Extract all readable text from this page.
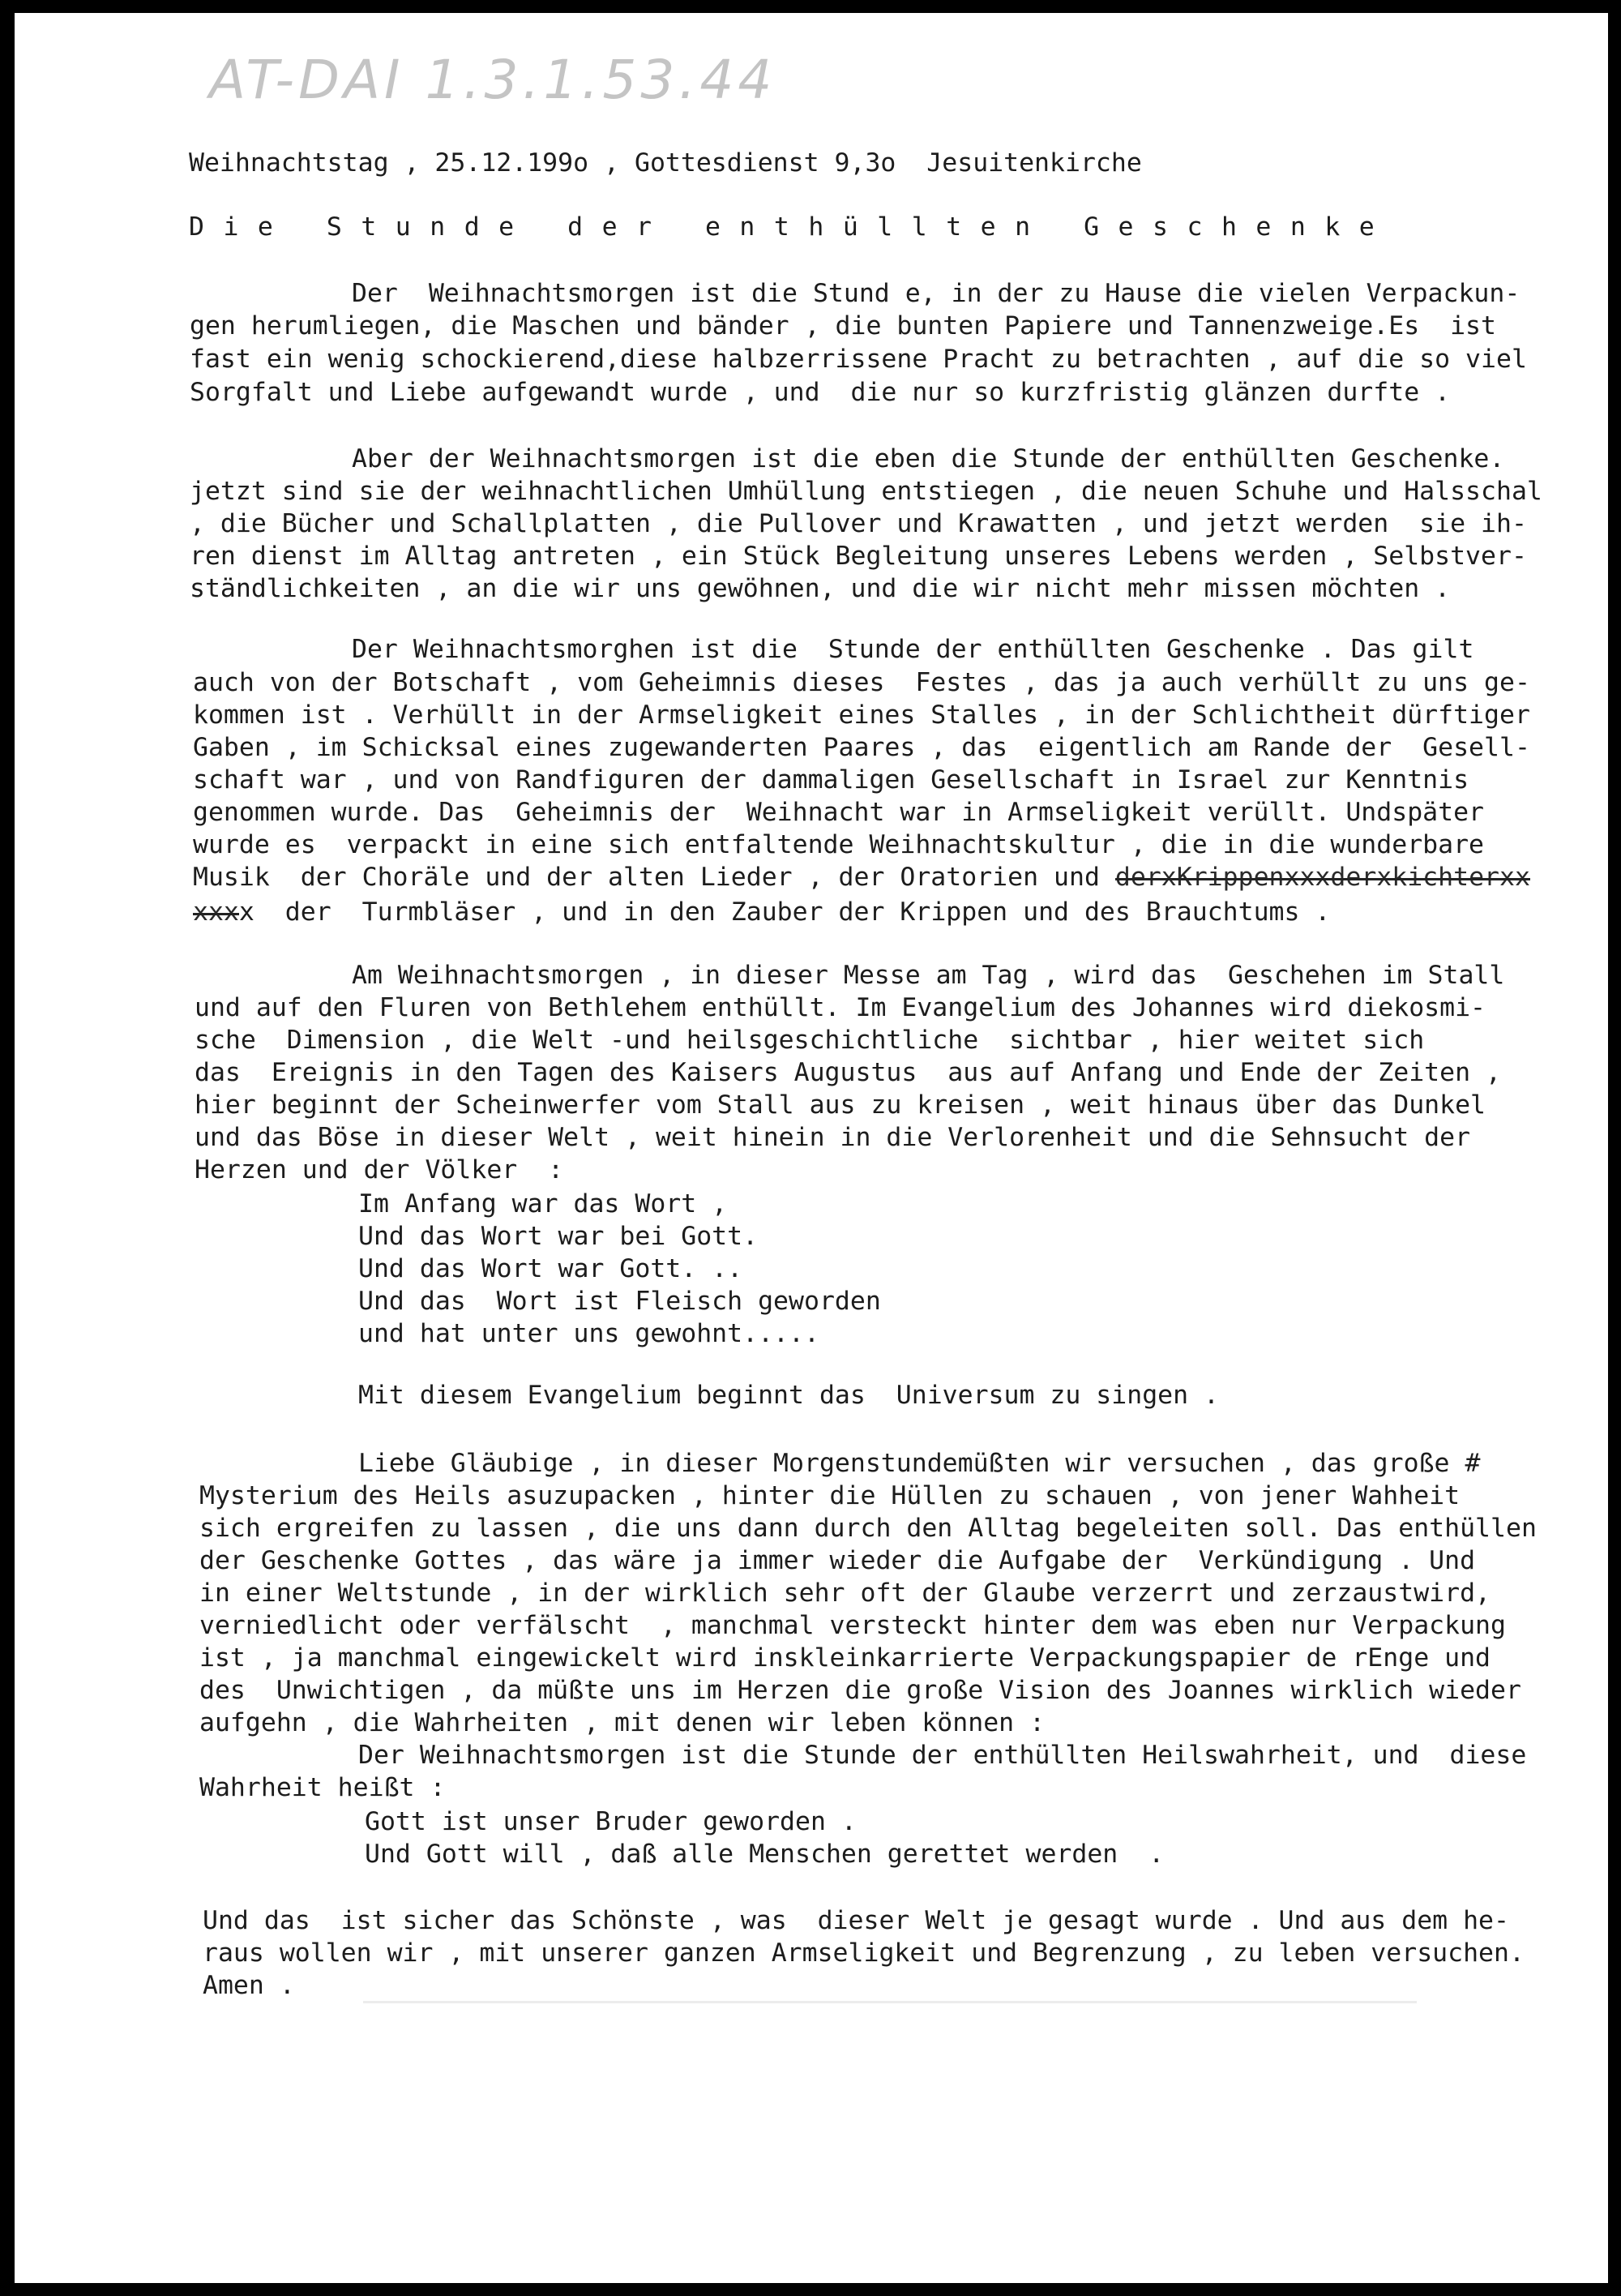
AT-DAI 1.3.1.53.44
Weihnachtstag , 25.12.199o , Gottesdienst 9,3o  Jesuitenkirche
Die Stunde der enthüllten Geschenke
Der  Weihnachtsmorgen ist die Stund e, in der zu Hause die vielen Verpackun-
gen herumliegen, die Maschen und bänder , die bunten Papiere und Tannenzweige.Es  ist
fast ein wenig schockierend,diese halbzerrissene Pracht zu betrachten , auf die so viel
Sorgfalt und Liebe aufgewandt wurde , und  die nur so kurzfristig glänzen durfte .
Aber der Weihnachtsmorgen ist die eben die Stunde der enthüllten Geschenke.
jetzt sind sie der weihnachtlichen Umhüllung entstiegen , die neuen Schuhe und Halsschal
, die Bücher und Schallplatten , die Pullover und Krawatten , und jetzt werden  sie ih-
ren dienst im Alltag antreten , ein Stück Begleitung unseres Lebens werden , Selbstver-
ständlichkeiten , an die wir uns gewöhnen, und die wir nicht mehr missen möchten .
Der Weihnachtsmorghen ist die  Stunde der enthüllten Geschenke . Das gilt
auch von der Botschaft , vom Geheimnis dieses  Festes , das ja auch verhüllt zu uns ge-
kommen ist . Verhüllt in der Armseligkeit eines Stalles , in der Schlichtheit dürftiger
Gaben , im Schicksal eines zugewanderten Paares , das  eigentlich am Rande der  Gesell-
schaft war , und von Randfiguren der dammaligen Gesellschaft in Israel zur Kenntnis
genommen wurde. Das  Geheimnis der  Weihnacht war in Armseligkeit verüllt. Undspäter
wurde es  verpackt in eine sich entfaltende Weihnachtskultur , die in die wunderbare
Musik  der Choräle und der alten Lieder , der Oratorien und derxKrippenxxxderxkichterxx
xxxx  der  Turmbläser , und in den Zauber der Krippen und des Brauchtums .
Am Weihnachtsmorgen , in dieser Messe am Tag , wird das  Geschehen im Stall
und auf den Fluren von Bethlehem enthüllt. Im Evangelium des Johannes wird diekosmi-
sche  Dimension , die Welt -und heilsgeschichtliche  sichtbar , hier weitet sich
das  Ereignis in den Tagen des Kaisers Augustus  aus auf Anfang und Ende der Zeiten ,
hier beginnt der Scheinwerfer vom Stall aus zu kreisen , weit hinaus über das Dunkel
und das Böse in dieser Welt , weit hinein in die Verlorenheit und die Sehnsucht der
Herzen und der Völker  :
Im Anfang war das Wort ,
Und das Wort war bei Gott.
Und das Wort war Gott. ..
Und das  Wort ist Fleisch geworden
und hat unter uns gewohnt.....
Mit diesem Evangelium beginnt das  Universum zu singen .
Liebe Gläubige , in dieser Morgenstundemüßten wir versuchen , das große #
Mysterium des Heils asuzupacken , hinter die Hüllen zu schauen , von jener Wahheit
sich ergreifen zu lassen , die uns dann durch den Alltag begeleiten soll. Das enthüllen
der Geschenke Gottes , das wäre ja immer wieder die Aufgabe der  Verkündigung . Und
in einer Weltstunde , in der wirklich sehr oft der Glaube verzerrt und zerzaustwird,
verniedlicht oder verfälscht  , manchmal versteckt hinter dem was eben nur Verpackung
ist , ja manchmal eingewickelt wird inskleinkarrierte Verpackungspapier de rEnge und
des  Unwichtigen , da müßte uns im Herzen die große Vision des Joannes wirklich wieder
aufgehn , die Wahrheiten , mit denen wir leben können :
Der Weihnachtsmorgen ist die Stunde der enthüllten Heilswahrheit, und  diese
Wahrheit heißt :
Gott ist unser Bruder geworden .
Und Gott will , daß alle Menschen gerettet werden  .
Und das  ist sicher das Schönste , was  dieser Welt je gesagt wurde . Und aus dem he-
raus wollen wir , mit unserer ganzen Armseligkeit und Begrenzung , zu leben versuchen.
Amen .
